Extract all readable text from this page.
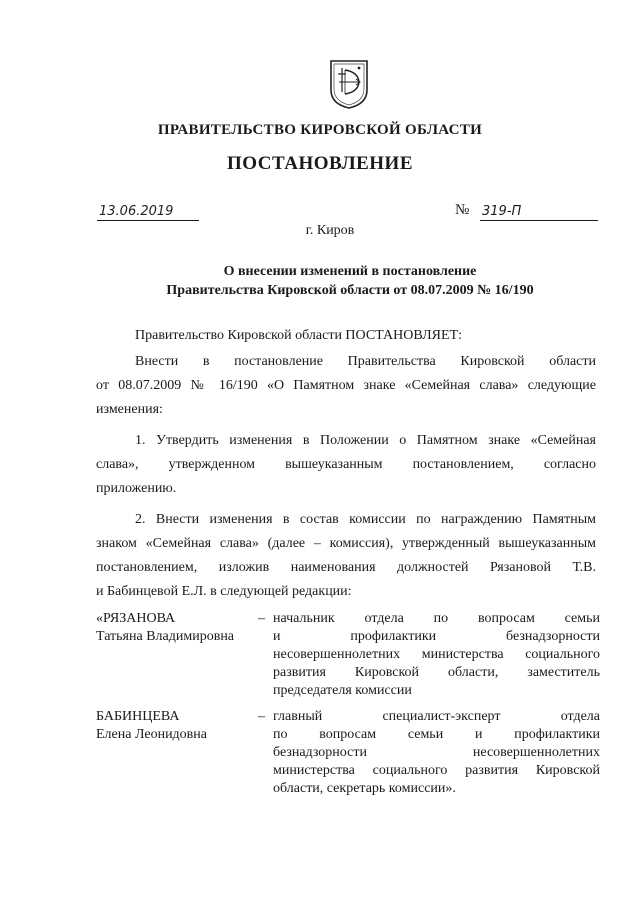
ПРАВИТЕЛЬСТВО КИРОВСКОЙ ОБЛАСТИ
ПОСТАНОВЛЕНИЕ
13.06.2019	№ 319-П
г. Киров
О внесении изменений в постановление
Правительства Кировской области от 08.07.2009 № 16/190
Правительство Кировской области ПОСТАНОВЛЯЕТ:
Внести в постановление Правительства Кировской области
от 08.07.2009 № 16/190 «О Памятном знаке «Семейная слава» следующие
изменения:
1. Утвердить изменения в Положении о Памятном знаке «Семейная
слава», утвержденном вышеуказанным постановлением, согласно
приложению.
2. Внести изменения в состав комиссии по награждению Памятным
знаком «Семейная слава» (далее – комиссия), утвержденный вышеуказанным
постановлением, изложив наименования должностей Рязановой Т.В.
и Бабинцевой Е.Л. в следующей редакции:
«РЯЗАНОВА
Татьяна Владимировна
– начальник отдела по вопросам семьи
и профилактики безнадзорности
несовершеннолетних министерства социального
развития Кировской области, заместитель
председателя комиссии
БАБИНЦЕВА
Елена Леонидовна
– главный специалист-эксперт отдела
по вопросам семьи и профилактики
безнадзорности несовершеннолетних
министерства социального развития Кировской
области, секретарь комиссии».
